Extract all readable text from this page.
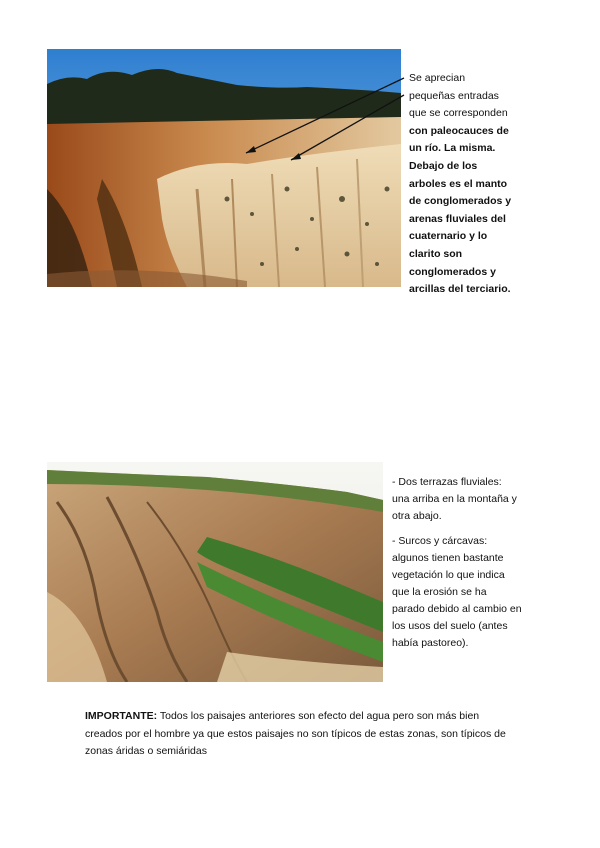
Se aprecian

pequeñas entradas

que se corresponden

con paleocauces de

un río. La misma.

Debajo de los

arboles es el manto

de conglomerados y

arenas fluviales del

cuaternario y lo

clarito son

conglomerados y

arcillas del terciario.

- Dos terrazas fluviales: una arriba en la montaña y otra abajo.

- Surcos y cárcavas: algunos tienen bastante vegetación lo que indica que la erosión se ha parado debido al cambio en los usos del suelo (antes había pastoreo).

IMPORTANTE: Todos los paisajes anteriores son efecto del agua pero son más bien creados por el hombre ya que estos paisajes no son típicos de estas zonas, son típicos de zonas áridas o semiáridas
